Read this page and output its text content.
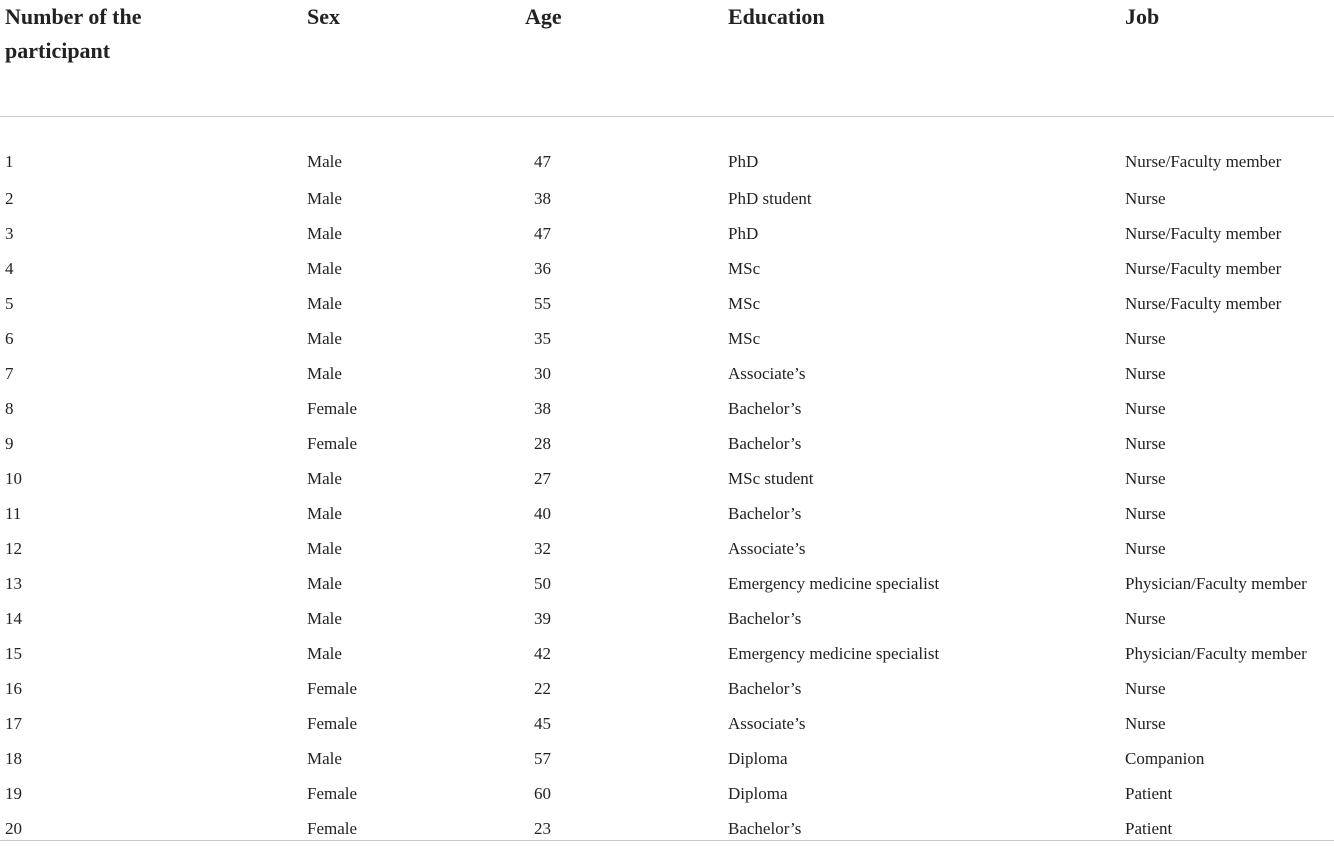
Number of the participant	Sex	Age	Education	Job
1	Male	47	PhD	Nurse/Faculty member
2	Male	38	PhD student	Nurse
3	Male	47	PhD	Nurse/Faculty member
4	Male	36	MSc	Nurse/Faculty member
5	Male	55	MSc	Nurse/Faculty member
6	Male	35	MSc	Nurse
7	Male	30	Associate’s	Nurse
8	Female	38	Bachelor’s	Nurse
9	Female	28	Bachelor’s	Nurse
10	Male	27	MSc student	Nurse
11	Male	40	Bachelor’s	Nurse
12	Male	32	Associate’s	Nurse
13	Male	50	Emergency medicine specialist	Physician/Faculty member
14	Male	39	Bachelor’s	Nurse
15	Male	42	Emergency medicine specialist	Physician/Faculty member
16	Female	22	Bachelor’s	Nurse
17	Female	45	Associate’s	Nurse
18	Male	57	Diploma	Companion
19	Female	60	Diploma	Patient
20	Female	23	Bachelor’s	Patient
